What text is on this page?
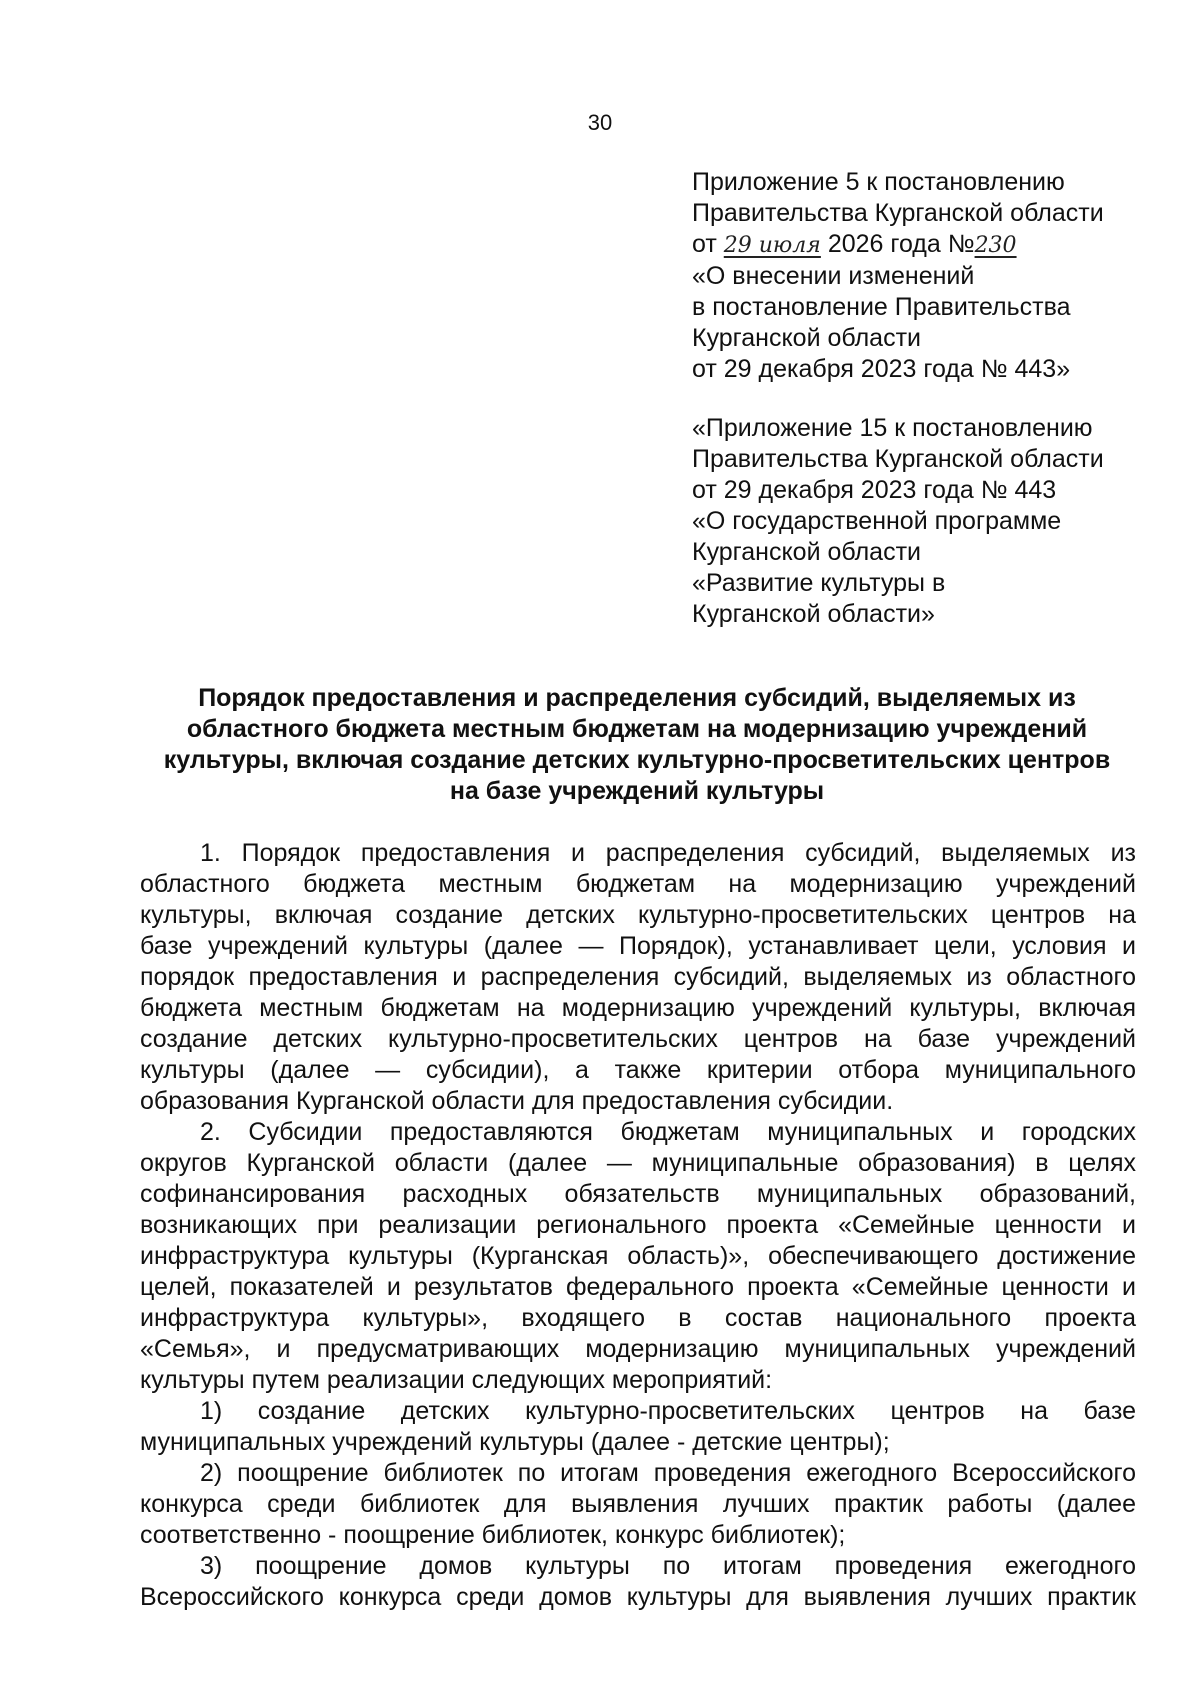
30
Приложение 5 к постановлению
Правительства Курганской области
от 29 июля 2026 года №230
«О внесении изменений
в постановление Правительства
Курганской области
от 29 декабря 2023 года № 443»
«Приложение 15 к постановлению
Правительства Курганской области
от 29 декабря 2023 года № 443
«О государственной программе
Курганской области
«Развитие культуры в
Курганской области»
Порядок предоставления и распределения субсидий, выделяемых из
областного бюджета местным бюджетам на модернизацию учреждений
культуры, включая создание детских культурно-просветительских центров
на базе учреждений культуры
1. Порядок предоставления и распределения субсидий, выделяемых из
областного бюджета местным бюджетам на модернизацию учреждений
культуры, включая создание детских культурно-просветительских центров на
базе учреждений культуры (далее — Порядок), устанавливает цели, условия и
порядок предоставления и распределения субсидий, выделяемых из областного
бюджета местным бюджетам на модернизацию учреждений культуры, включая
создание детских культурно-просветительских центров на базе учреждений
культуры (далее — субсидии), а также критерии отбора муниципального
образования Курганской области для предоставления субсидии.
2. Субсидии предоставляются бюджетам муниципальных и городских
округов Курганской области (далее — муниципальные образования) в целях
софинансирования расходных обязательств муниципальных образований,
возникающих при реализации регионального проекта «Семейные ценности и
инфраструктура культуры (Курганская область)», обеспечивающего достижение
целей, показателей и результатов федерального проекта «Семейные ценности и
инфраструктура культуры», входящего в состав национального проекта
«Семья», и предусматривающих модернизацию муниципальных учреждений
культуры путем реализации следующих мероприятий:
1) создание детских культурно-просветительских центров на базе
муниципальных учреждений культуры (далее - детские центры);
2) поощрение библиотек по итогам проведения ежегодного Всероссийского
конкурса среди библиотек для выявления лучших практик работы (далее
соответственно - поощрение библиотек, конкурс библиотек);
3) поощрение домов культуры по итогам проведения ежегодного
Всероссийского конкурса среди домов культуры для выявления лучших практик
